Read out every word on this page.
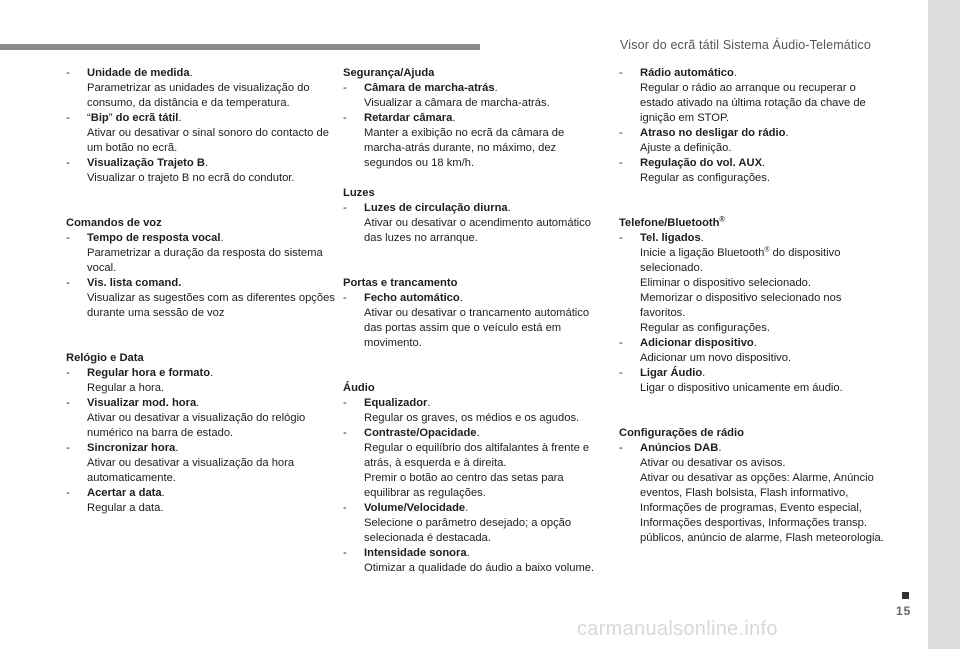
Visor do ecrã tátil Sistema Áudio-Telemático
-	Unidade de medida.
Parametrizar as unidades de visualização do consumo, da distância e da temperatura.
-	“Bip” do ecrã tátil.
Ativar ou desativar o sinal sonoro do contacto de um botão no ecrã.
-	Visualização Trajeto B.
Visualizar o trajeto B no ecrã do condutor.
Comandos de voz
-	Tempo de resposta vocal.
Parametrizar a duração da resposta do sistema vocal.
-	Vis. lista comand.
Visualizar as sugestões com as diferentes opções durante uma sessão de voz
Relógio e Data
-	Regular hora e formato.
Regular a hora.
-	Visualizar mod. hora.
Ativar ou desativar a visualização do relógio numérico na barra de estado.
-	Sincronizar hora.
Ativar ou desativar a visualização da hora automaticamente.
-	Acertar a data.
Regular a data.
Segurança/Ajuda
-	Câmara de marcha-atrás.
Visualizar a câmara de marcha-atrás.
-	Retardar câmara.
Manter a exibição no ecrã da câmara de marcha-atrás durante, no máximo, dez segundos ou 18 km/h.
Luzes
-	Luzes de circulação diurna.
Ativar ou desativar o acendimento automático das luzes no arranque.
Portas e trancamento
-	Fecho automático.
Ativar ou desativar o trancamento automático das portas assim que o veículo está em movimento.
Áudio
-	Equalizador.
Regular os graves, os médios e os agudos.
-	Contraste/Opacidade.
Regular o equilíbrio dos altifalantes à frente e atrás, à esquerda e à direita.
Premir o botão ao centro das setas para equilibrar as regulações.
-	Volume/Velocidade.
Selecione o parâmetro desejado; a opção selecionada é destacada.
-	Intensidade sonora.
Otimizar a qualidade do áudio a baixo volume.
-	Rádio automático.
Regular o rádio ao arranque ou recuperar o estado ativado na última rotação da chave de ignição em STOP.
-	Atraso no desligar do rádio.
Ajuste a definição.
-	Regulação do vol. AUX.
Regular as configurações.
Telefone/Bluetooth®
-	Tel. ligados.
Inicie a ligação Bluetooth® do dispositivo selecionado.
Eliminar o dispositivo selecionado.
Memorizar o dispositivo selecionado nos favoritos.
Regular as configurações.
-	Adicionar dispositivo.
Adicionar um novo dispositivo.
-	Ligar Áudio.
Ligar o dispositivo unicamente em áudio.
Configurações de rádio
-	Anúncios DAB.
Ativar ou desativar os avisos.
Ativar ou desativar as opções: Alarme, Anúncio eventos, Flash bolsista, Flash informativo, Informações de programas, Evento especial, Informações desportivas, Informações transp. públicos, anúncio de alarme, Flash meteorologia.
15
carmanualsonline.info
